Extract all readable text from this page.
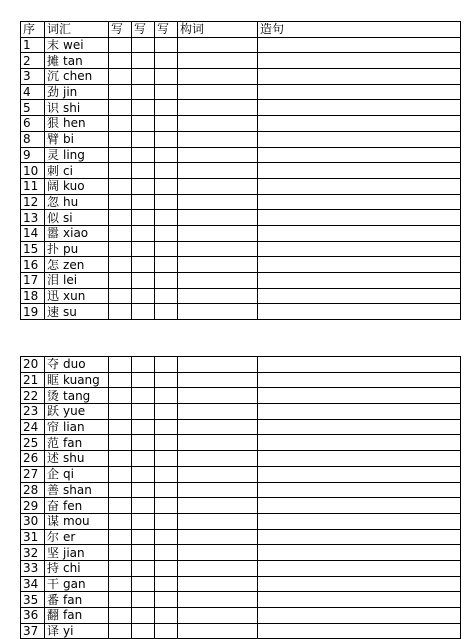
序	词汇	写	写	写	构词	造句
1	末 wei					
2	摊 tan					
3	沉 chen					
4	劲 jin					
5	识 shi					
6	狠 hen					
8	臂 bi					
9	灵 ling					
10	刺 ci					
11	阔 kuo					
12	忽 hu					
13	似 si					
14	嚣 xiao					
15	扑 pu					
16	怎 zen					
17	泪 lei					
18	迅 xun					
19	速 su					
20	夺 duo					
21	眶 kuang					
22	烫 tang					
23	跃 yue					
24	帘 lian					
25	范 fan					
26	述 shu					
27	企 qi					
28	善 shan					
29	奋 fen					
30	谋 mou					
31	尔 er					
32	坚 jian					
33	持 chi					
34	干 gan					
35	番 fan					
36	翻 fan					
37	译 yi					
